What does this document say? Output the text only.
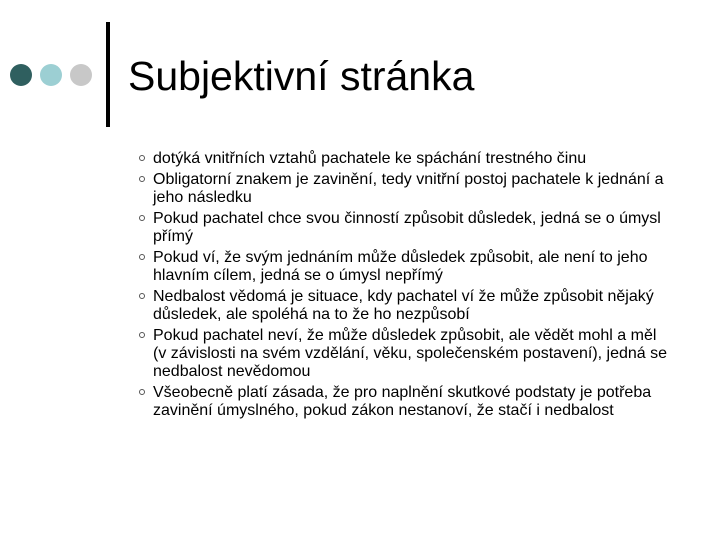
Subjektivní stránka
dotýká vnitřních vztahů pachatele ke spáchání trestného činu
Obligatorní znakem je zavinění, tedy vnitřní postoj pachatele k jednání a jeho následku
Pokud pachatel chce svou činností způsobit důsledek, jedná se o úmysl přímý
Pokud ví, že svým jednáním může důsledek způsobit, ale není to jeho hlavním cílem, jedná se o úmysl nepřímý
Nedbalost vědomá je situace, kdy pachatel ví že může způsobit nějaký důsledek, ale spoléhá na to že ho nezpůsobí
Pokud pachatel neví, že může důsledek způsobit, ale vědět mohl a měl (v závislosti na svém vzdělání, věku, společenském postavení), jedná se nedbalost nevědomou
Všeobecně platí zásada, že pro naplnění skutkové podstaty je potřeba zavinění úmyslného, pokud zákon nestanoví, že stačí i nedbalost
